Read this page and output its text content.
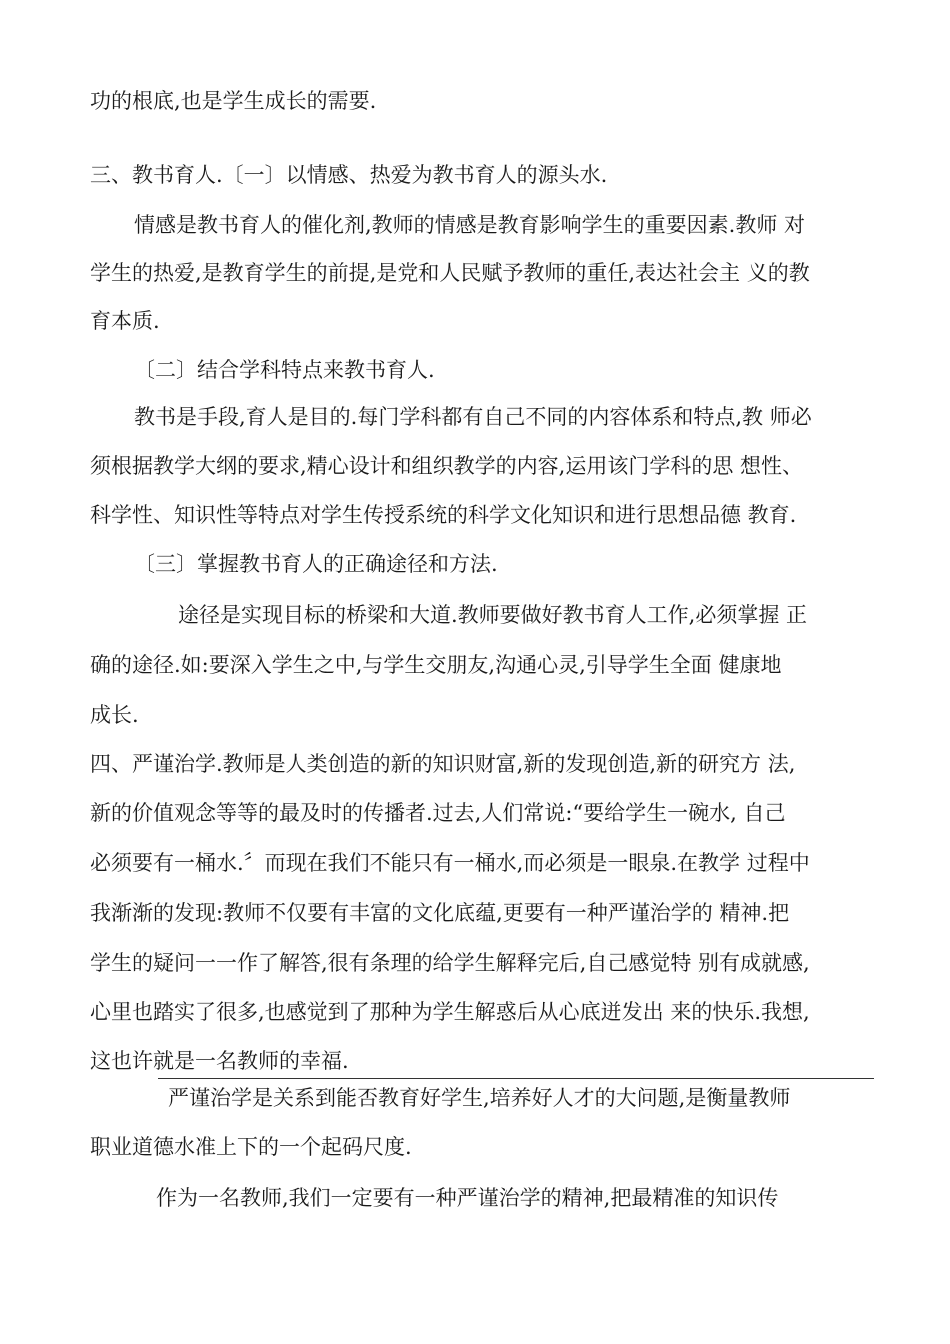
功的根底,也是学生成长的需要.

三、教书育人.〔一〕以情感、热爱为教书育人的源头水.

情感是教书育人的催化剂,教师的情感是教育影响学生的重要因素.教师 对

学生的热爱,是教育学生的前提,是党和人民赋予教师的重任,表达社会主 义的教

育本质.

〔二〕结合学科特点来教书育人.

教书是手段,育人是目的.每门学科都有自己不同的内容体系和特点,教 师必

须根据教学大纲的要求,精心设计和组织教学的内容,运用该门学科的思 想性、

科学性、知识性等特点对学生传授系统的科学文化知识和进行思想品德 教育.

〔三〕掌握教书育人的正确途径和方法.

途径是实现目标的桥梁和大道.教师要做好教书育人工作,必须掌握 正

确的途径.如:要深入学生之中,与学生交朋友,沟通心灵,引导学生全面 健康地

成长.

四、严谨治学.教师是人类创造的新的知识财富,新的发现创造,新的研究方 法,

新的价值观念等等的最及时的传播者.过去,人们常说:“要给学生一碗水, 自己

必须要有一桶水.〞而现在我们不能只有一桶水,而必须是一眼泉.在教学 过程中

我渐渐的发现:教师不仅要有丰富的文化底蕴,更要有一种严谨治学的 精神.把

学生的疑问一一作了解答,很有条理的给学生解释完后,自己感觉特 别有成就感,

心里也踏实了很多,也感觉到了那种为学生解惑后从心底迸发出 来的快乐.我想,

这也许就是一名教师的幸福.

严谨治学是关系到能否教育好学生,培养好人才的大问题,是衡量教师

职业道德水准上下的一个起码尺度.

作为一名教师,我们一定要有一种严谨治学的精神,把最精准的知识传
